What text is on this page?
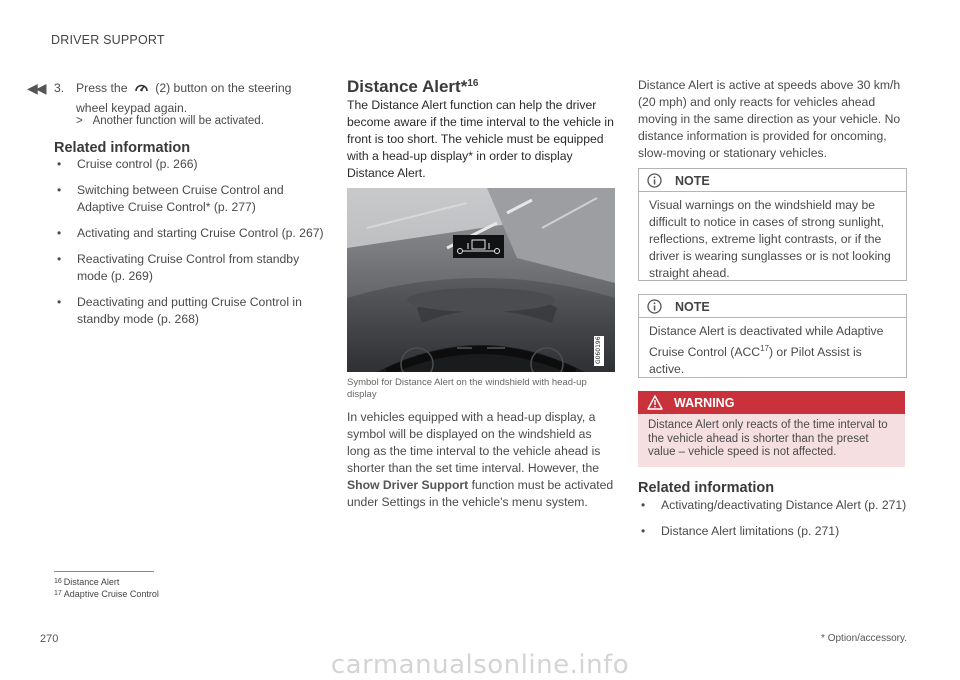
DRIVER SUPPORT
◀◀ 3. Press the (2) button on the steering wheel keypad again.
> Another function will be activated.
Related information
• Cruise control (p. 266)
• Switching between Cruise Control and Adaptive Cruise Control* (p. 277)
• Activating and starting Cruise Control (p. 267)
• Reactivating Cruise Control from standby mode (p. 269)
• Deactivating and putting Cruise Control in standby mode (p. 268)
Distance Alert*$^{16}$
The Distance Alert function can help the driver become aware if the time interval to the vehicle in front is too short. The vehicle must be equipped with a head-up display* in order to display Distance Alert.
G060196
Symbol for Distance Alert on the windshield with head-up display
In vehicles equipped with a head-up display, a symbol will be displayed on the windshield as long as the time interval to the vehicle ahead is shorter than the set time interval. However, the Show Driver Support function must be activated under Settings in the vehicle's menu system.
Distance Alert is active at speeds above 30 km/h (20 mph) and only reacts for vehicles ahead moving in the same direction as your vehicle. No distance information is provided for oncoming, slow-moving or stationary vehicles.
NOTE
Visual warnings on the windshield may be difficult to notice in cases of strong sunlight, reflections, extreme light contrasts, or if the driver is wearing sunglasses or is not looking straight ahead.
NOTE
Distance Alert is deactivated while Adaptive Cruise Control (ACC$^{17}$) or Pilot Assist is active.
WARNING
Distance Alert only reacts of the time interval to the vehicle ahead is shorter than the preset value – vehicle speed is not affected.
Related information
• Activating/deactivating Distance Alert (p. 271)
• Distance Alert limitations (p. 271)
$^{16}$ Distance Alert
$^{17}$ Adaptive Cruise Control
270	* Option/accessory.
carmanualsonline.info
